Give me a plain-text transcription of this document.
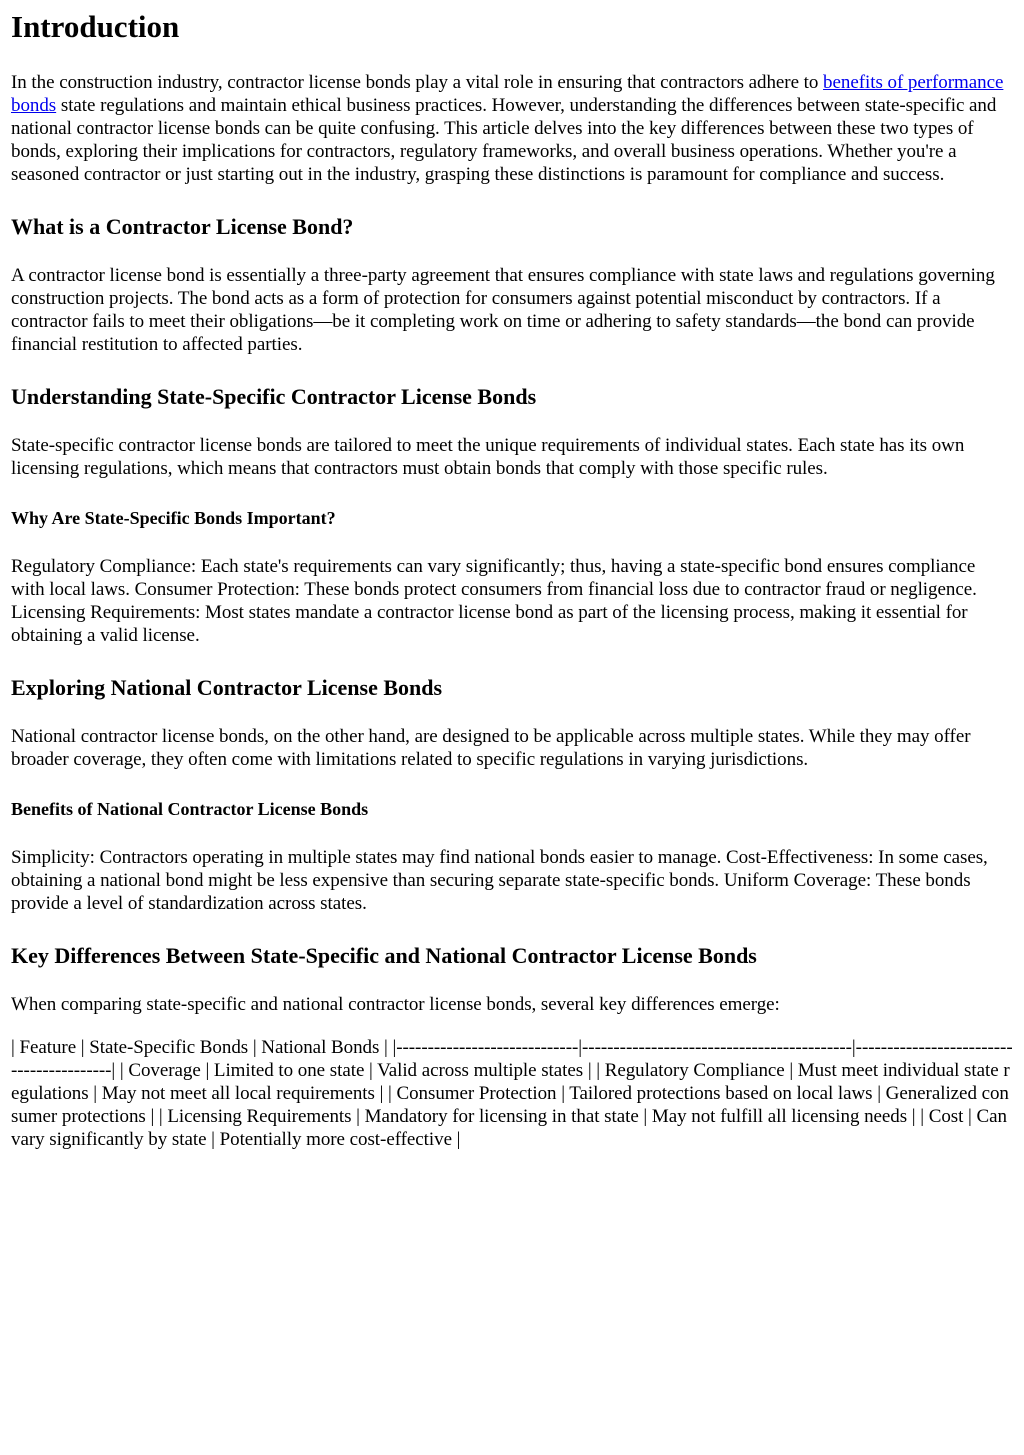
Introduction

In the construction industry, contractor license bonds play a vital role in ensuring that contractors adhere to benefits of performance bonds state regulations and maintain ethical business practices. However, understanding the differences between state-specific and national contractor license bonds can be quite confusing. This article delves into the key differences between these two types of bonds, exploring their implications for contractors, regulatory frameworks, and overall business operations. Whether you're a seasoned contractor or just starting out in the industry, grasping these distinctions is paramount for compliance and success.

What is a Contractor License Bond?

A contractor license bond is essentially a three-party agreement that ensures compliance with state laws and regulations governing construction projects. The bond acts as a form of protection for consumers against potential misconduct by contractors. If a contractor fails to meet their obligations—be it completing work on time or adhering to safety standards—the bond can provide financial restitution to affected parties.

Understanding State-Specific Contractor License Bonds

State-specific contractor license bonds are tailored to meet the unique requirements of individual states. Each state has its own licensing regulations, which means that contractors must obtain bonds that comply with those specific rules.

Why Are State-Specific Bonds Important?

Regulatory Compliance: Each state's requirements can vary significantly; thus, having a state-specific bond ensures compliance with local laws. Consumer Protection: These bonds protect consumers from financial loss due to contractor fraud or negligence. Licensing Requirements: Most states mandate a contractor license bond as part of the licensing process, making it essential for obtaining a valid license.

Exploring National Contractor License Bonds

National contractor license bonds, on the other hand, are designed to be applicable across multiple states. While they may offer broader coverage, they often come with limitations related to specific regulations in varying jurisdictions.

Benefits of National Contractor License Bonds

Simplicity: Contractors operating in multiple states may find national bonds easier to manage. Cost-Effectiveness: In some cases, obtaining a national bond might be less expensive than securing separate state-specific bonds. Uniform Coverage: These bonds provide a level of standardization across states.

Key Differences Between State-Specific and National Contractor License Bonds

When comparing state-specific and national contractor license bonds, several key differences emerge:

| Feature | State-Specific Bonds | National Bonds | |-----------------------------|-------------------------------------------|-----------------------------------------| | Coverage | Limited to one state | Valid across multiple states | | Regulatory Compliance | Must meet individual state regulations | May not meet all local requirements | | Consumer Protection | Tailored protections based on local laws | Generalized consumer protections | | Licensing Requirements | Mandatory for licensing in that state | May not fulfill all licensing needs | | Cost | Can vary significantly by state | Potentially more cost-effective |
